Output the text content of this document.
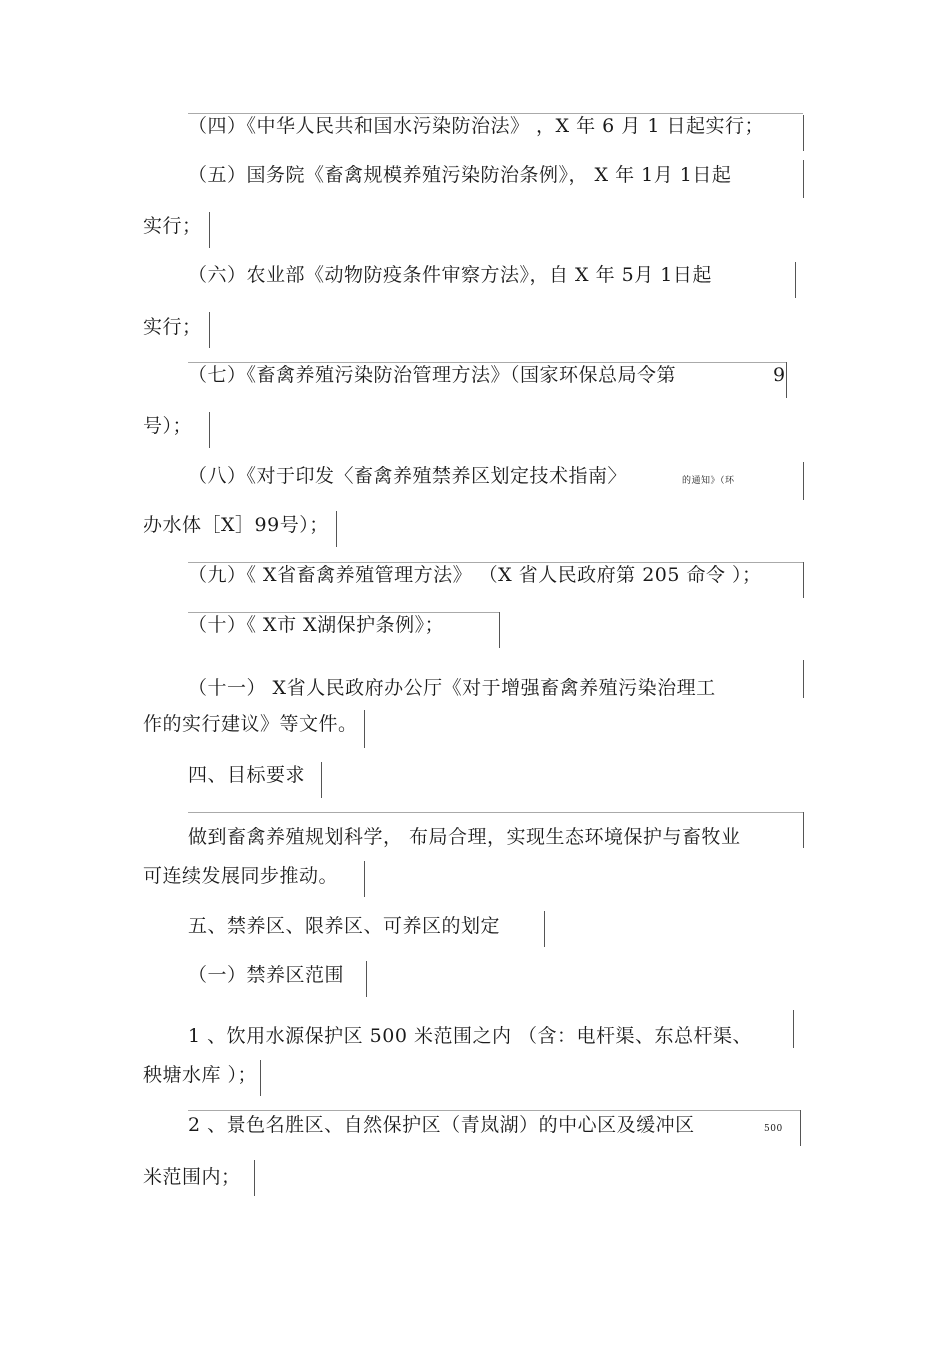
（四）《中华人民共和国水污染防治法》 ，X 年 6 月 1 日起实行；
（五）国务院《畜禽规模养殖污染防治条例》， X 年 1月 1日起
实行；
（六）农业部《动物防疫条件审察方法》，自 X 年 5月 1日起
实行；
（七）《畜禽养殖污染防治管理方法》（国家环保总局令第	9
号）；
（八）《对于印发〈畜禽养殖禁养区划定技术指南〉	的通知》（环
办水体［X］99号）；
（九）《 X省畜禽养殖管理方法》 （X 省人民政府第 205 命令 ）；
（十）《 X市 X湖保护条例》；
（十一） X省人民政府办公厅《对于增强畜禽养殖污染治理工
作的实行建议》等文件。
四、目标要求
做到畜禽养殖规划科学， 布局合理，实现生态环境保护与畜牧业
可连续发展同步推动。
五、禁养区、限养区、可养区的划定
（一）禁养区范围
1 、饮用水源保护区 500 米范围之内 （含：电杆渠、东总杆渠、
秧塘水库 ）；
2 、景色名胜区、自然保护区（青岚湖）的中心区及缓冲区	500
米范围内；
